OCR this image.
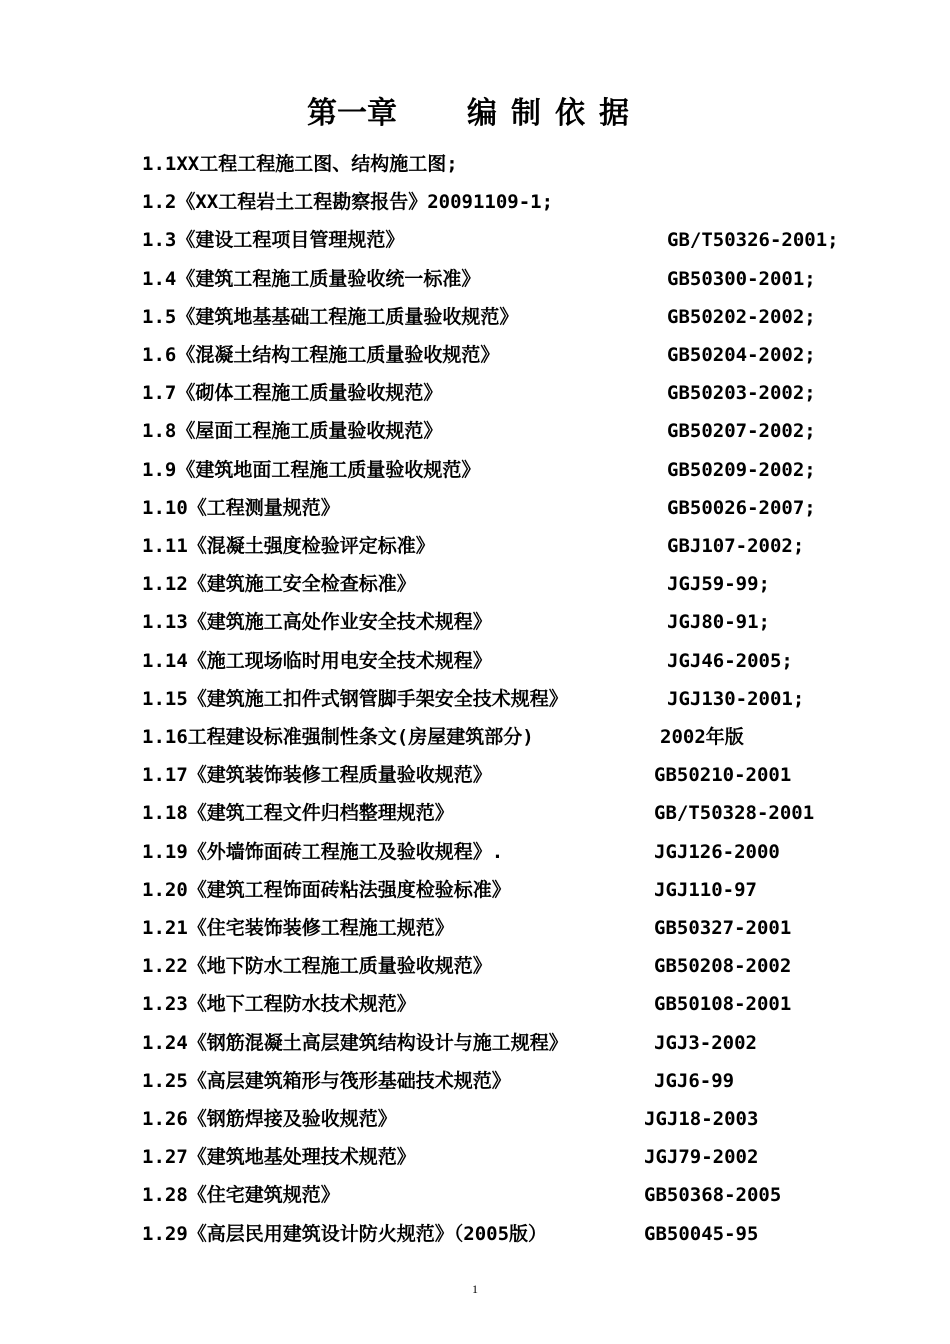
第一章 编制依据
1.1XX工程工程施工图、结构施工图;
1.2《XX工程岩土工程勘察报告》20091109-1;
1.3《建设工程项目管理规范》	GB/T50326-2001;
1.4《建筑工程施工质量验收统一标准》	GB50300-2001;
1.5《建筑地基基础工程施工质量验收规范》	GB50202-2002;
1.6《混凝土结构工程施工质量验收规范》	GB50204-2002;
1.7《砌体工程施工质量验收规范》	GB50203-2002;
1.8《屋面工程施工质量验收规范》	GB50207-2002;
1.9《建筑地面工程施工质量验收规范》	GB50209-2002;
1.10《工程测量规范》	GB50026-2007;
1.11《混凝土强度检验评定标准》	GBJ107-2002;
1.12《建筑施工安全检查标准》	JGJ59-99;
1.13《建筑施工高处作业安全技术规程》	JGJ80-91;
1.14《施工现场临时用电安全技术规程》	JGJ46-2005;
1.15《建筑施工扣件式钢管脚手架安全技术规程》	JGJ130-2001;
1.16工程建设标准强制性条文(房屋建筑部分)	2002年版
1.17《建筑装饰装修工程质量验收规范》	GB50210-2001
1.18《建筑工程文件归档整理规范》	GB/T50328-2001
1.19《外墙饰面砖工程施工及验收规程》.	JGJ126-2000
1.20《建筑工程饰面砖粘法强度检验标准》	JGJ110-97
1.21《住宅装饰装修工程施工规范》	GB50327-2001
1.22《地下防水工程施工质量验收规范》	GB50208-2002
1.23《地下工程防水技术规范》	GB50108-2001
1.24《钢筋混凝土高层建筑结构设计与施工规程》	JGJ3-2002
1.25《高层建筑箱形与筏形基础技术规范》	JGJ6-99
1.26《钢筋焊接及验收规范》	JGJ18-2003
1.27《建筑地基处理技术规范》	JGJ79-2002
1.28《住宅建筑规范》	GB50368-2005
1.29《高层民用建筑设计防火规范》（2005版）	GB50045-95
1
